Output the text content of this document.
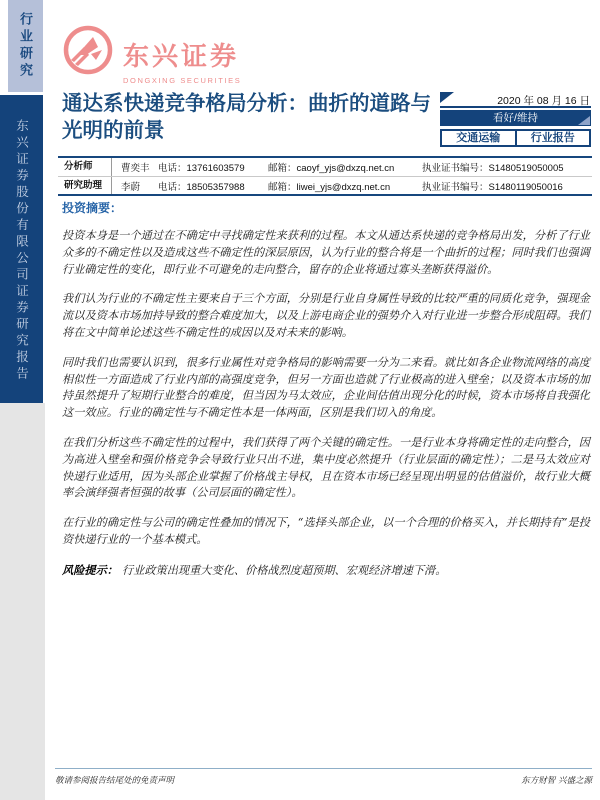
行业研究
东兴证券股份有限公司证券研究报告
东兴证券
DONGXING SECURITIES
通达系快递竞争格局分析：曲折的道路与
光明的前景
2020 年 08 月 16 日
看好/维持
交通运输	行业报告
分析师	曹奕丰 电话：13761603579	邮箱：caoyf_yjs@dxzq.net.cn	执业证书编号：S1480519050005
研究助理	李蔚	电话：18505357988	邮箱：liwei_yjs@dxzq.net.cn	执业证书编号：S1480119050016
投资摘要：

投资本身是一个通过在不确定中寻找确定性来获利的过程。本文从通达系快递的竞争格局出发，分析了行业众多的不确定性以及造成这些不确定性的深层原因，认为行业的整合将是一个曲折的过程；同时我们也强调行业确定性的变化，即行业不可避免的走向整合，留存的企业将通过寡头垄断获得溢价。

我们认为行业的不确定性主要来自于三个方面，分别是行业自身属性导致的比较严重的同质化竞争，强现金流以及资本市场加持导致的整合难度加大，以及上游电商企业的强势介入对行业进一步整合形成阻碍。我们将在文中简单论述这些不确定性的成因以及对未来的影响。

同时我们也需要认识到，很多行业属性对竞争格局的影响需要一分为二来看。就比如各企业物流网络的高度相似性一方面造成了行业内部的高强度竞争，但另一方面也造就了行业极高的进入壁垒；以及资本市场的加持虽然提升了短期行业整合的难度，但当因为马太效应，企业间估值出现分化的时候，资本市场将自我强化这一效应。行业的确定性与不确定性本是一体两面，区别是我们切入的角度。

在我们分析这些不确定性的过程中，我们获得了两个关键的确定性。一是行业本身将确定性的走向整合，因为高进入壁垒和强价格竞争会导致行业只出不进，集中度必然提升（行业层面的确定性）；二是马太效应对快递行业适用，因为头部企业掌握了价格战主导权，且在资本市场已经呈现出明显的估值溢价，故行业大概率会演绎强者恒强的故事（公司层面的确定性）。

在行业的确定性与公司的确定性叠加的情况下，“选择头部企业，以一个合理的价格买入，并长期持有”是投资快递行业的一个基本模式。

风险提示： 行业政策出现重大变化、价格战烈度超预期、宏观经济增速下滑。

敬请参阅报告结尾处的免责声明	东方财智 兴盛之源
